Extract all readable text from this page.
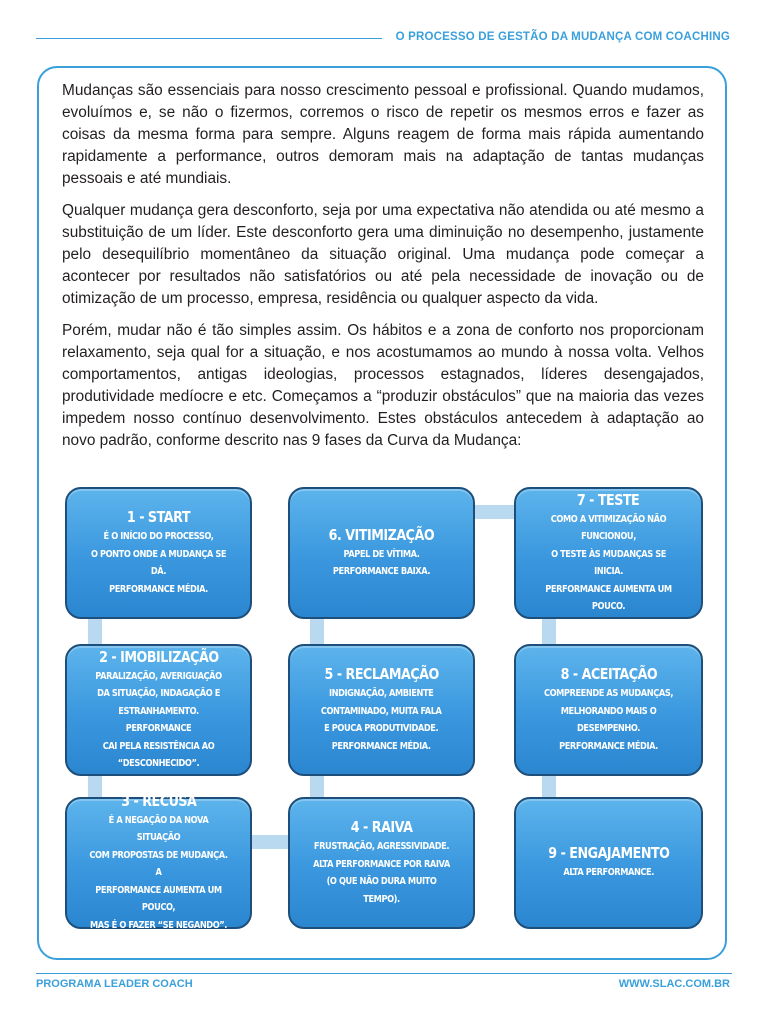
O PROCESSO DE GESTÃO DA MUDANÇA COM COACHING

Mudanças são essenciais para nosso crescimento pessoal e profissional. Quando mudamos, evoluímos e, se não o fizermos, corremos o risco de repetir os mesmos erros e fazer as coisas da mesma forma para sempre. Alguns reagem de forma mais rápida aumentando rapidamente a performance, outros demoram mais na adaptação de tantas mudanças pessoais e até mundiais.

Qualquer mudança gera desconforto, seja por uma expectativa não atendida ou até mesmo a substituição de um líder. Este desconforto gera uma diminuição no desempenho, justamente pelo desequilíbrio momentâneo da situação original. Uma mudança pode começar a acontecer por resultados não satisfatórios ou até pela necessidade de inovação ou de otimização de um processo, empresa, residência ou qualquer aspecto da vida.

Porém, mudar não é tão simples assim. Os hábitos e a zona de conforto nos proporcionam relaxamento, seja qual for a situação, e nos acostumamos ao mundo à nossa volta. Velhos comportamentos, antigas ideologias, processos estagnados, líderes desengajados, produtividade medíocre e etc. Começamos a “produzir obstáculos” que na maioria das vezes impedem nosso contínuo desenvolvimento. Estes obstáculos antecedem à adaptação ao novo padrão, conforme descrito nas 9 fases da Curva da Mudança:

1 - START
É O INÍCIO DO PROCESSO,
O PONTO ONDE A MUDANÇA SE DÁ.
PERFORMANCE MÉDIA.
2 - IMOBILIZAÇÃO
PARALIZAÇÃO, AVERIGUAÇÃO
DA SITUAÇÃO, INDAGAÇÃO E
ESTRANHAMENTO. PERFORMANCE
CAI PELA RESISTÊNCIA AO
“DESCONHECIDO”.
3 - RECUSA
É A NEGAÇÃO DA NOVA SITUAÇÃO
COM PROPOSTAS DE MUDANÇA. A
PERFORMANCE AUMENTA UM POUCO,
MAS É O FAZER “SE NEGANDO”.
6. VITIMIZAÇÃO
PAPEL DE VÍTIMA.
PERFORMANCE BAIXA.
5 - RECLAMAÇÃO
INDIGNAÇÃO, AMBIENTE
CONTAMINADO, MUITA FALA
E POUCA PRODUTIVIDADE.
PERFORMANCE MÉDIA.
4 - RAIVA
FRUSTRAÇÃO, AGRESSIVIDADE.
ALTA PERFORMANCE POR RAIVA
(O QUE NÃO DURA MUITO TEMPO).
7 - TESTE
COMO A VITIMIZAÇÃO NÃO FUNCIONOU,
O TESTE ÀS MUDANÇAS SE INICIA.
PERFORMANCE AUMENTA UM POUCO.
8 - ACEITAÇÃO
COMPREENDE AS MUDANÇAS,
MELHORANDO MAIS O DESEMPENHO.
PERFORMANCE MÉDIA.
9 - ENGAJAMENTO
ALTA PERFORMANCE.
PROGRAMA LEADER COACH	WWW.SLAC.COM.BR
